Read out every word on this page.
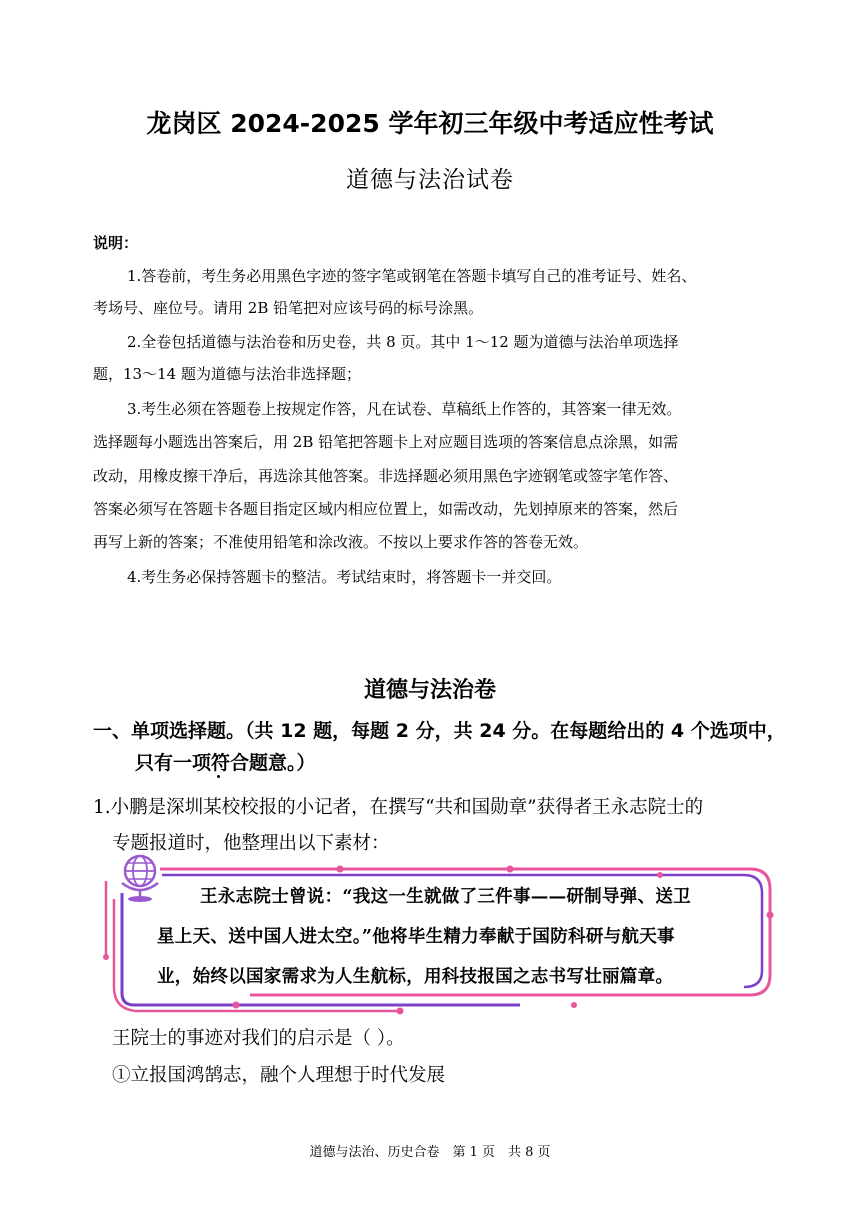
龙岗区 2024-2025 学年初三年级中考适应性考试
道德与法治试卷
说明：
1.答卷前，考生务必用黑色字迹的签字笔或钢笔在答题卡填写自己的准考证号、姓名、
考场号、座位号。请用 2B 铅笔把对应该号码的标号涂黑。
2.全卷包括道德与法治卷和历史卷，共 8 页。其中 1～12 题为道德与法治单项选择
题，13～14 题为道德与法治非选择题；
3.考生必须在答题卷上按规定作答，凡在试卷、草稿纸上作答的，其答案一律无效。
选择题每小题选出答案后，用 2B 铅笔把答题卡上对应题目选项的答案信息点涂黑，如需
改动，用橡皮擦干净后，再选涂其他答案。非选择题必须用黑色字迹钢笔或签字笔作答、
答案必须写在答题卡各题目指定区域内相应位置上，如需改动，先划掉原来的答案，然后
再写上新的答案；不准使用铅笔和涂改液。不按以上要求作答的答卷无效。
4.考生务必保持答题卡的整洁。考试结束时，将答题卡一并交回。
道德与法治卷
一、单项选择题。（共 12 题，每题 2 分，共 24 分。在每题给出的 4 个选项中，
只有一项符合题意。）
1.小鹏是深圳某校校报的小记者，在撰写“共和国勋章”获得者王永志院士的
专题报道时，他整理出以下素材：
王永志院士曾说：“我这一生就做了三件事——研制导弹、送卫
星上天、送中国人进太空。”他将毕生精力奉献于国防科研与航天事
业，始终以国家需求为人生航标，用科技报国之志书写壮丽篇章。
王院士的事迹对我们的启示是（ ）。
①立报国鸿鹄志，融个人理想于时代发展
道德与法治、历史合卷　第 1 页　共 8 页
